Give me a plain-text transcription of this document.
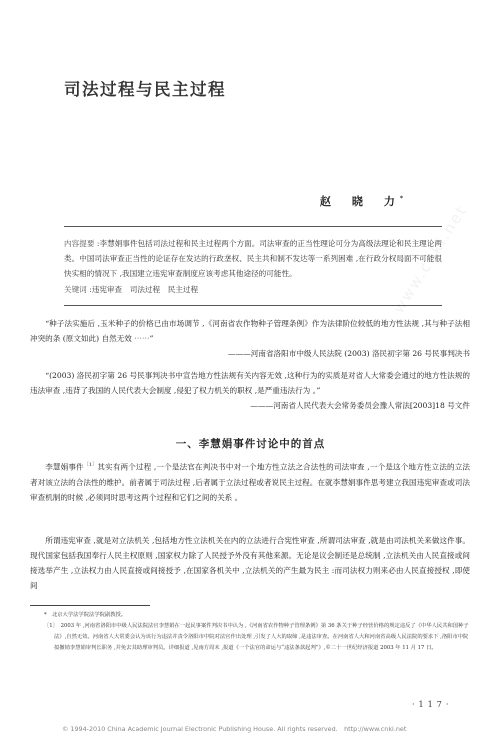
www.cnki.net
司法过程与民主过程
赵　晓　力*

内容提要 :李慧娟事件包括司法过程和民主过程两个方面。司法审查的正当性理论可分为高级法理论和民主理论两类。中国司法审查正当性的论证存在发达的行政垄权、民主共和制不发达等一系列困难 ,在行政分权局面不可能很快实相的情况下 ,我国建立违宪审查制度应该考虑其他途径的可能性。

关键词 :违宪审查　司法过程　民主过程

“种子法实施后 ,玉米种子的价格已由市场调节 ,《河南省农作物种子管理条例》作为法律阶位较低的地方性法规 ,其与种子法相冲突的条 (原文如此) 自然无效 ⋯⋯”

———河南省洛阳市中级人民法院 (2003) 洛民初字第 26 号民事判决书

“(2003) 洛民初字第 26 号民事判决书中宣告地方性法规有关内容无效 ,这种行为的实质是对省人大常委会通过的地方性法规的违法审查 ,违背了我国的人民代表大会制度 ,侵犯了权力机关的职权 ,是严重违法行为 。”

———河南省人民代表大会常务委员会豫人常法[2003]18 号文件

一、李慧娟事件讨论中的首点

李慧娟事件$^{〔1〕}$其实有两个过程 ,一个是法官在判决书中对一个地方性立法之合法性的司法审查 ,一个是这个地方性立法的立法者对该立法的合法性的维护。前者属于司法过程 ,后者属于立法过程或者说民主过程。在就李慧娟事件思考建立我国违宪审查或司法审查机制的时候 ,必须同时思考这两个过程和它们之间的关系 。

所谓违宪审查 ,就是对立法机关 ,包括地方性立法机关在内的立法进行合宪性审查 ,所谓司法审查 ,就是由司法机关来做这件事。现代国家包括我国奉行人民主权原则 ,国家权力除了人民授予外没有其他来源。无论是议会制还是总统制 ,立法机关由人民直接或间接选举产生 ,立法权力由人民直接或间接授予 ,在国家各机关中 ,立法机关的产生最为民主 :而司法权力则来必由人民直接授权 ,即使间

*　北京大学法学院法学院副教授。

〔1〕　2003 年 ,河南省洛阳市中级人民法院法官李慧娟在一起民事案件判决书中认为 ,《河南省农作物种子管理条例》第 36 条关于种子经营价格的规定违反了《中华人民共和国种子法》,自然无效。河南省人大常委会认为该行为违法并责令洛阳市中院对法官作出处理 ,引发了人大的取缔 ,是违法审查。在河南省人大和河南省高级人民法院的要求下 ,洛阳市中院拟撤销李慧娟审判长职务 ,并免去其助理审判员。详细报道 ,见南方周末 ,报道《一个法官的命运与“违法条款起判”》,©二十一世纪经济报道 2003 年 11 月 17 日。

·117·
© 1994-2010 China Academic Journal Electronic Publishing House. All rights reserved.　http://www.cnki.net
